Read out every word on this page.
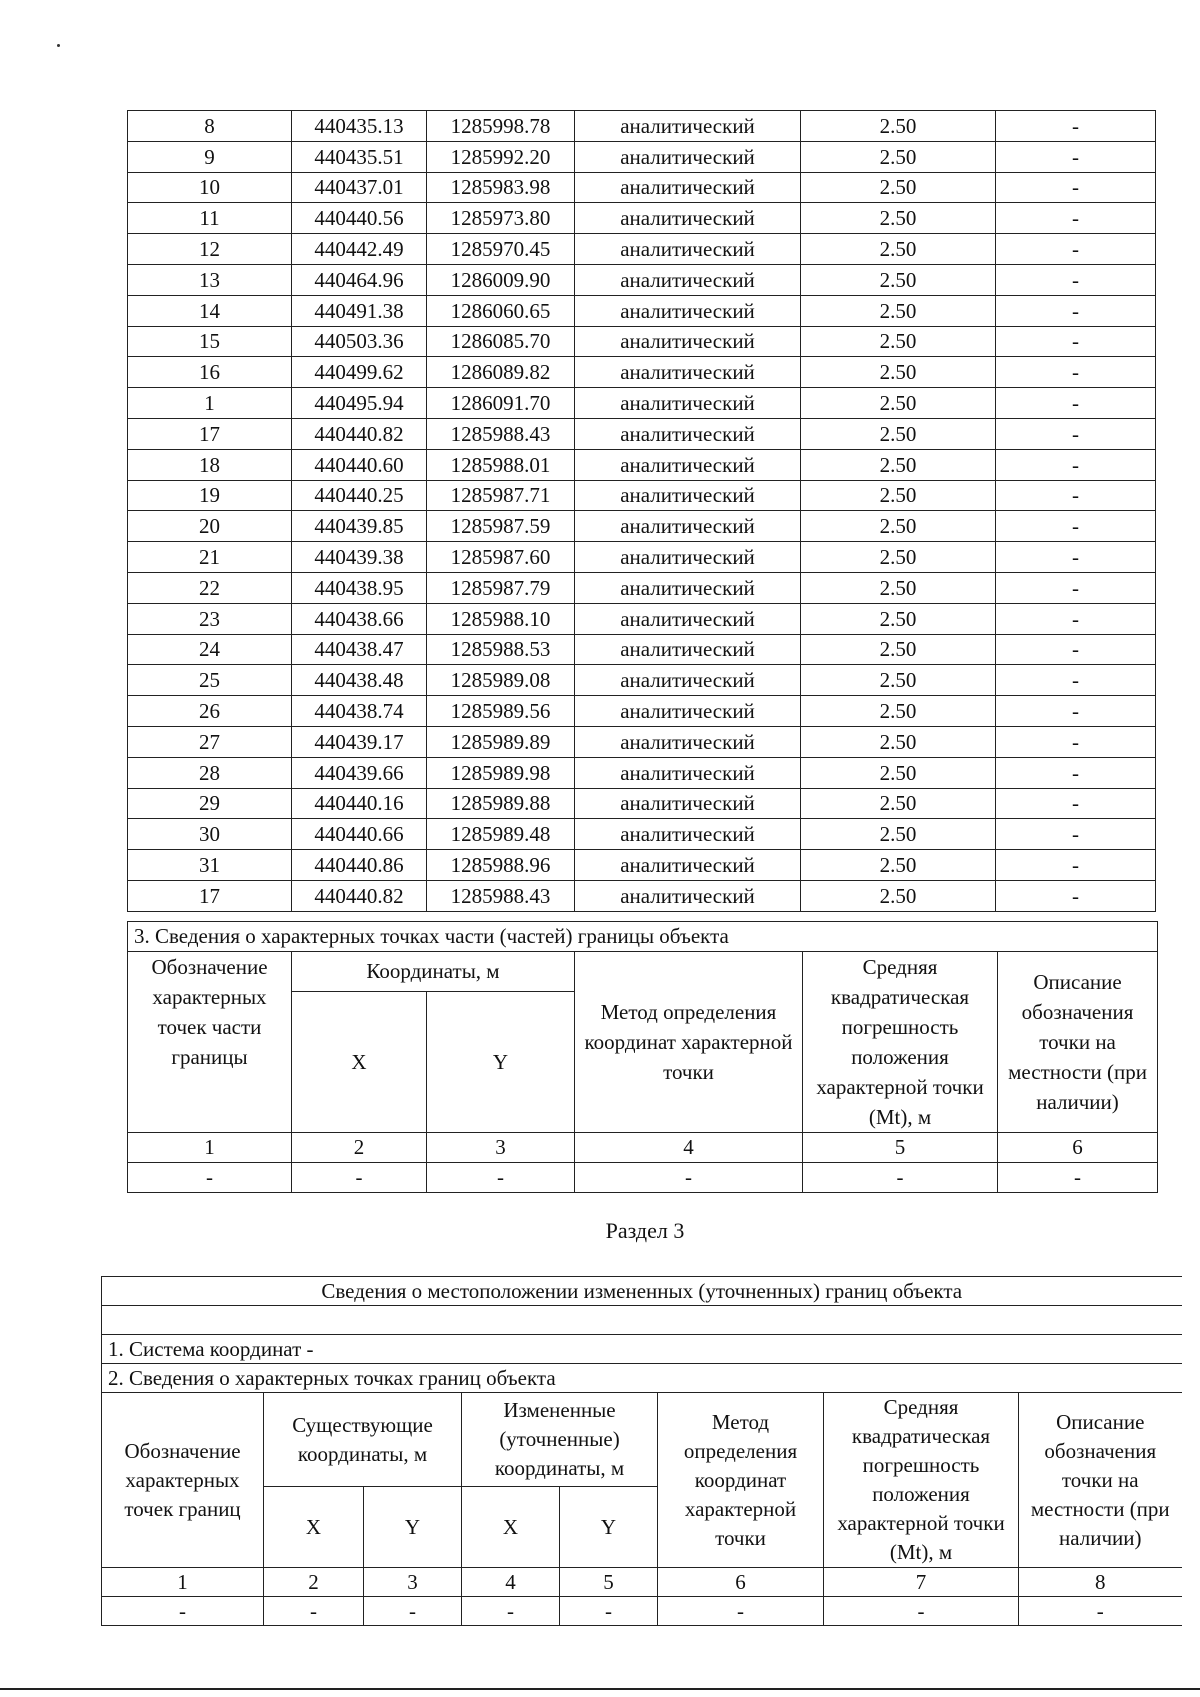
8	440435.13	1285998.78	аналитический	2.50	-
9	440435.51	1285992.20	аналитический	2.50	-
10	440437.01	1285983.98	аналитический	2.50	-
11	440440.56	1285973.80	аналитический	2.50	-
12	440442.49	1285970.45	аналитический	2.50	-
13	440464.96	1286009.90	аналитический	2.50	-
14	440491.38	1286060.65	аналитический	2.50	-
15	440503.36	1286085.70	аналитический	2.50	-
16	440499.62	1286089.82	аналитический	2.50	-
1	440495.94	1286091.70	аналитический	2.50	-
17	440440.82	1285988.43	аналитический	2.50	-
18	440440.60	1285988.01	аналитический	2.50	-
19	440440.25	1285987.71	аналитический	2.50	-
20	440439.85	1285987.59	аналитический	2.50	-
21	440439.38	1285987.60	аналитический	2.50	-
22	440438.95	1285987.79	аналитический	2.50	-
23	440438.66	1285988.10	аналитический	2.50	-
24	440438.47	1285988.53	аналитический	2.50	-
25	440438.48	1285989.08	аналитический	2.50	-
26	440438.74	1285989.56	аналитический	2.50	-
27	440439.17	1285989.89	аналитический	2.50	-
28	440439.66	1285989.98	аналитический	2.50	-
29	440440.16	1285989.88	аналитический	2.50	-
30	440440.66	1285989.48	аналитический	2.50	-
31	440440.86	1285988.96	аналитический	2.50	-
17	440440.82	1285988.43	аналитический	2.50	-
3. Сведения о характерных точках части (частей) границы объекта					
Обозначение характерных точек части границы	Координаты, м		Метод определения координат характерной точки	Средняя квадратическая погрешность положения характерной точки (Mt), м	Описание обозначения точки на местности (при наличии)
	X	Y			
1	2	3	4	5	6
-	-	-	-	-	-
Раздел 3
Сведения о местоположении измененных (уточненных) границ объекта							

1. Система координат -							
2. Сведения о характерных точках границ объекта							
Обозначение характерных точек границ	Существующие координаты, м		Измененные (уточненные) координаты, м		Метод определения координат характерной точки	Средняя квадратическая погрешность положения характерной точки (Mt), м	Описание обозначения точки на местности (при наличии)
	X	Y	X	Y			
1	2	3	4	5	6	7	8
-	-	-	-	-	-	-	-
